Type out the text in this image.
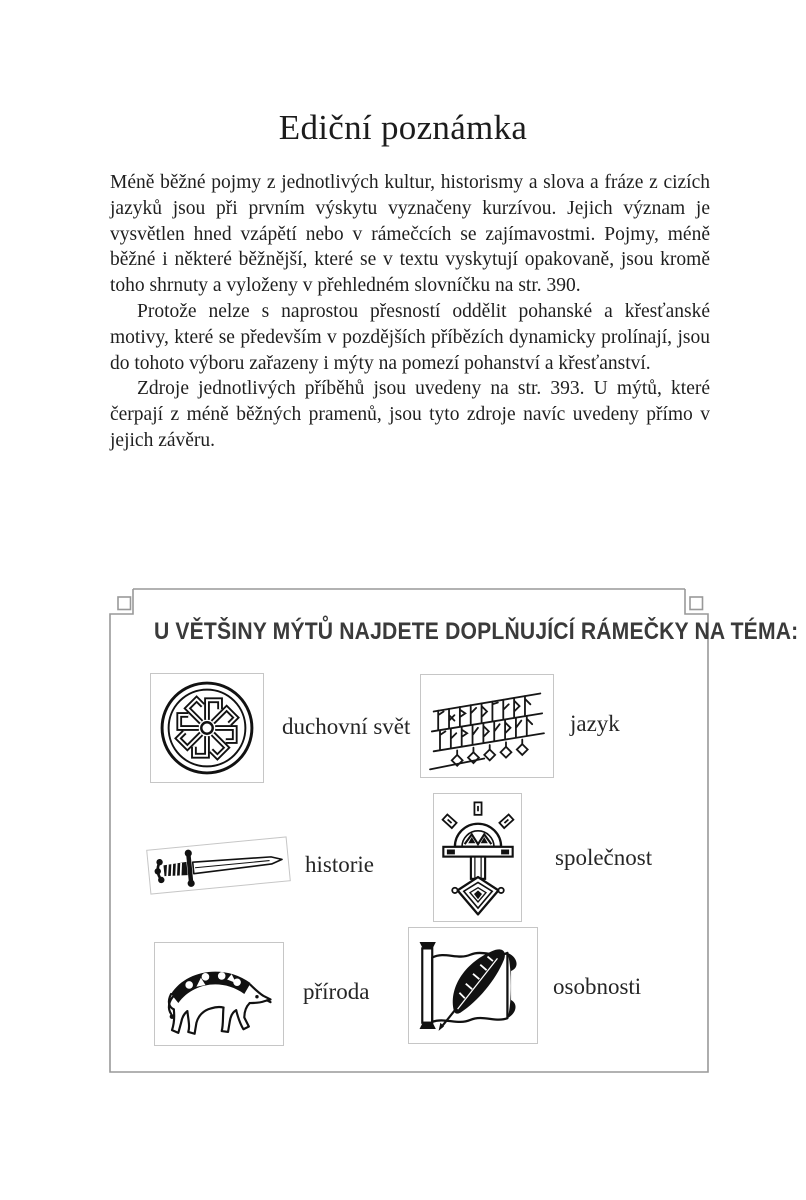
Ediční poznámka

Méně běžné pojmy z jednotlivých kultur, historismy a slova a fráze z cizích jazyků jsou při prvním výskytu vyznačeny kurzívou. Jejich význam je vysvětlen hned vzápětí nebo v rámečcích se zajímavostmi. Pojmy, méně běžné i některé běžnější, které se v textu vyskytují opakovaně, jsou kromě toho shrnuty a vyloženy v přehledném slovníčku na str. 390.

Protože nelze s naprostou přesností oddělit pohanské a křesťanské motivy, které se především v pozdějších příbězích dynamicky prolínají, jsou do tohoto výboru zařazeny i mýty na pomezí pohanství a křesťanství.

Zdroje jednotlivých příběhů jsou uvedeny na str. 393. U mýtů, které čerpají z méně běžných pramenů, jsou tyto zdroje navíc uvedeny přímo v jejich závěru.

U VĚTŠINY MÝTŮ NAJDETE DOPLŇUJÍCÍ RÁMEČKY NA TÉMA:
duchovní svět	jazyk
historie	společnost
příroda	osobnosti
